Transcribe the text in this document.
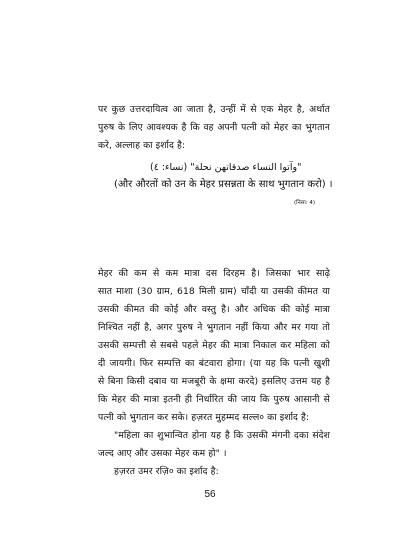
पर कुछ उत्तरदायित्व आ जाता है, उन्हीं में से एक मेहर है, अर्थात
पुरुष के लिए आवश्यक है कि वह अपनी पत्नी को मेहर का भुगतान
करे, अल्लाह का इर्शाद है:
"وآتوا النساء صدقاتهن نحلة" (نساء: ٤)
(और औरतों को उन के मेहर प्रसन्नता के साथ भुगतान करो) ।
(निसा: 4)
मेहर की कम से कम मात्रा दस दिरहम है। जिसका भार साढ़े
सात माशा (30 ग्राम, 618 मिली ग्राम) चाँदी या उसकी कीमत या
उसकी कीमत की कोई और वस्तु है। और अधिक की कोई मात्रा
निश्चित नहीं है, अगर पुरुष ने भुगतान नहीं किया और मर गया तो
उसकी सम्पत्ती से सबसे पहले मेहर की मात्रा निकाल कर महिला को
दी जायगी। फिर सम्पत्ति का बंटवारा होगा। (या यह कि पत्नी खुशी
से बिना किसी दबाव या मजबूरी के क्षमा करदे) इसलिए उत्तम यह है
कि मेहर की मात्रा इतनी ही निर्धारित की जाय कि पुरुष आसानी से
पत्नी को भुगतान कर सके। हज़रत मुहम्मद सल्ल० का इर्शाद है:
"महिला का शुभान्वित होना यह है कि उसकी मंगनी दका संदेश
जल्द आए और उसका मेहर कम हो" ।
हज़रत उमर रज़ि० का इर्शाद है:
56
